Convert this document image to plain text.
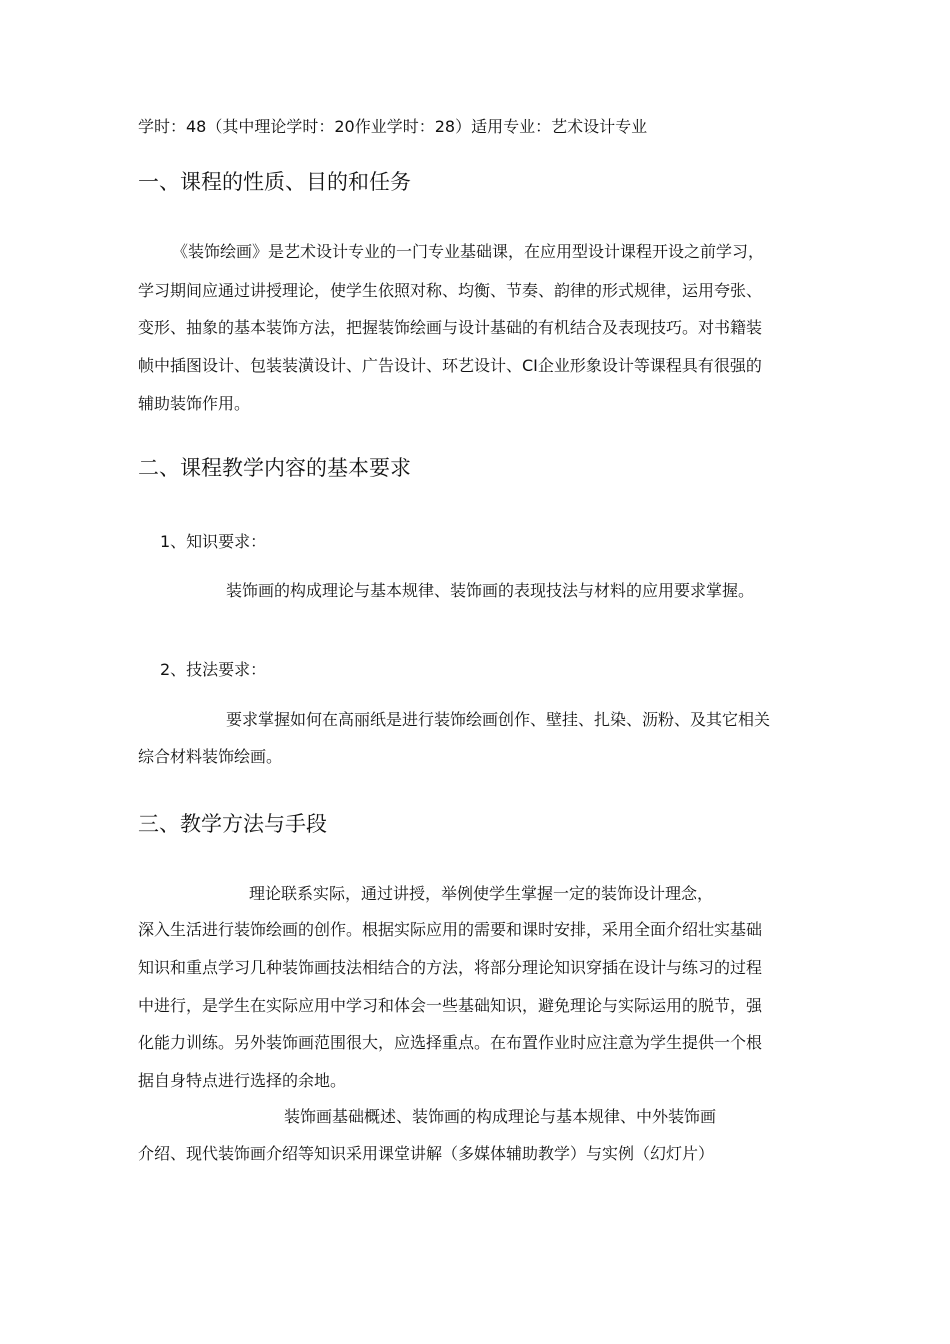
学时：48（其中理论学时：20作业学时：28）适用专业：艺术设计专业
一、课程的性质、目的和任务
《装饰绘画》是艺术设计专业的一门专业基础课，在应用型设计课程开设之前学习，
学习期间应通过讲授理论，使学生依照对称、均衡、节奏、韵律的形式规律，运用夸张、
变形、抽象的基本装饰方法，把握装饰绘画与设计基础的有机结合及表现技巧。对书籍装
帧中插图设计、包装装潢设计、广告设计、环艺设计、CI企业形象设计等课程具有很强的
辅助装饰作用。
二、课程教学内容的基本要求
1、知识要求：
装饰画的构成理论与基本规律、装饰画的表现技法与材料的应用要求掌握。
2、技法要求：
要求掌握如何在高丽纸是进行装饰绘画创作、壁挂、扎染、沥粉、及其它相关
综合材料装饰绘画。
三、教学方法与手段
理论联系实际，通过讲授，举例使学生掌握一定的装饰设计理念，
深入生活进行装饰绘画的创作。根据实际应用的需要和课时安排，采用全面介绍壮实基础
知识和重点学习几种装饰画技法相结合的方法，将部分理论知识穿插在设计与练习的过程
中进行，是学生在实际应用中学习和体会一些基础知识，避免理论与实际运用的脱节，强
化能力训练。另外装饰画范围很大，应选择重点。在布置作业时应注意为学生提供一个根
据自身特点进行选择的余地。
装饰画基础概述、装饰画的构成理论与基本规律、中外装饰画
介绍、现代装饰画介绍等知识采用课堂讲解（多媒体辅助教学）与实例（幻灯片）
